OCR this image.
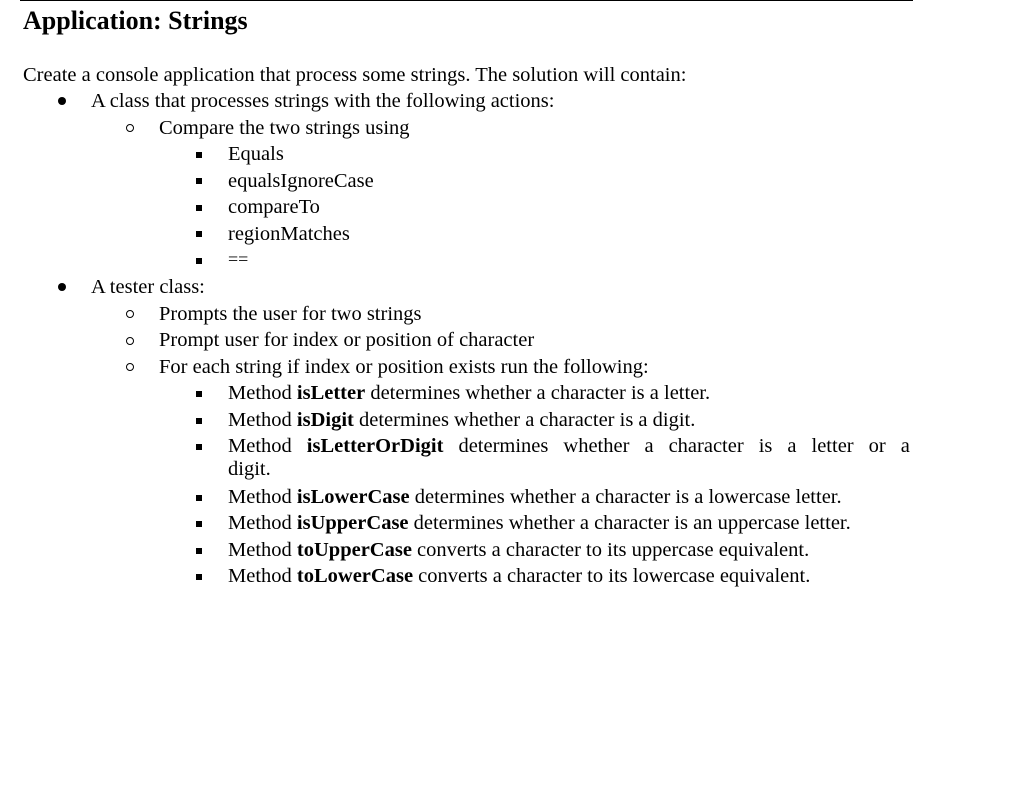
Application: Strings
Create a console application that process some strings. The solution will contain:
A class that processes strings with the following actions:
Compare the two strings using
Equals
equalsIgnoreCase
compareTo
regionMatches
==
A tester class:
Prompts the user for two strings
Prompt user for index or position of character
For each string if index or position exists run the following:
Method isLetter determines whether a character is a letter.
Method isDigit determines whether a character is a digit.
Method isLetterOrDigit determines whether a character is a letter or a
digit.
Method isLowerCase determines whether a character is a lowercase letter.
Method isUpperCase determines whether a character is an uppercase letter.
Method toUpperCase converts a character to its uppercase equivalent.
Method toLowerCase converts a character to its lowercase equivalent.
